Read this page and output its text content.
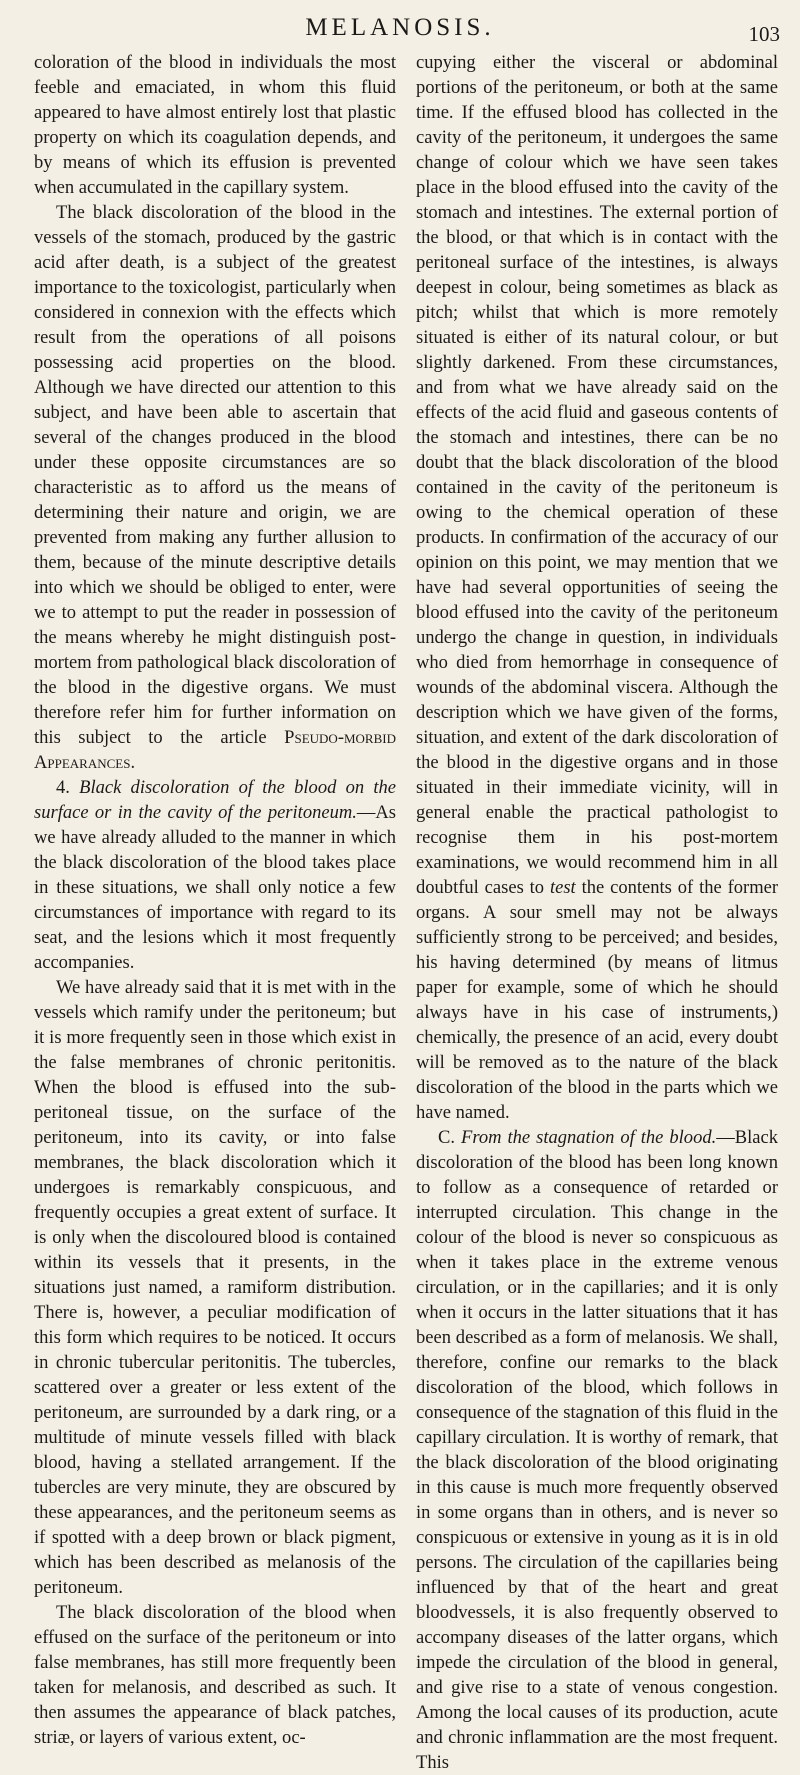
MELANOSIS.	103

coloration of the blood in individuals the most feeble and emaciated, in whom this fluid appeared to have almost entirely lost that plastic property on which its coagulation depends, and by means of which its effusion is prevented when accumulated in the capillary system.

The black discoloration of the blood in the vessels of the stomach, produced by the gastric acid after death, is a subject of the greatest importance to the toxicologist, particularly when considered in connexion with the effects which result from the operations of all poisons possessing acid properties on the blood. Although we have directed our attention to this subject, and have been able to ascertain that several of the changes produced in the blood under these opposite circumstances are so characteristic as to afford us the means of determining their nature and origin, we are prevented from making any further allusion to them, because of the minute descriptive details into which we should be obliged to enter, were we to attempt to put the reader in possession of the means whereby he might distinguish post-mortem from pathological black discoloration of the blood in the digestive organs. We must therefore refer him for further information on this subject to the article Pseudo-morbid Appearances.

4. Black discoloration of the blood on the surface or in the cavity of the peritoneum.—As we have already alluded to the manner in which the black discoloration of the blood takes place in these situations, we shall only notice a few circumstances of importance with regard to its seat, and the lesions which it most frequently accompanies.

We have already said that it is met with in the vessels which ramify under the peritoneum; but it is more frequently seen in those which exist in the false membranes of chronic peritonitis. When the blood is effused into the sub-peritoneal tissue, on the surface of the peritoneum, into its cavity, or into false membranes, the black discoloration which it undergoes is remarkably conspicuous, and frequently occupies a great extent of surface. It is only when the discoloured blood is contained within its vessels that it presents, in the situations just named, a ramiform distribution. There is, however, a peculiar modification of this form which requires to be noticed. It occurs in chronic tubercular peritonitis. The tubercles, scattered over a greater or less extent of the peritoneum, are surrounded by a dark ring, or a multitude of minute vessels filled with black blood, having a stellated arrangement. If the tubercles are very minute, they are obscured by these appearances, and the peritoneum seems as if spotted with a deep brown or black pigment, which has been described as melanosis of the peritoneum.

The black discoloration of the blood when effused on the surface of the peritoneum or into false membranes, has still more frequently been taken for melanosis, and described as such. It then assumes the appearance of black patches, striæ, or layers of various extent, oc-

cupying either the visceral or abdominal portions of the peritoneum, or both at the same time. If the effused blood has collected in the cavity of the peritoneum, it undergoes the same change of colour which we have seen takes place in the blood effused into the cavity of the stomach and intestines. The external portion of the blood, or that which is in contact with the peritoneal surface of the intestines, is always deepest in colour, being sometimes as black as pitch; whilst that which is more remotely situated is either of its natural colour, or but slightly darkened. From these circumstances, and from what we have already said on the effects of the acid fluid and gaseous contents of the stomach and intestines, there can be no doubt that the black discoloration of the blood contained in the cavity of the peritoneum is owing to the chemical operation of these products. In confirmation of the accuracy of our opinion on this point, we may mention that we have had several opportunities of seeing the blood effused into the cavity of the peritoneum undergo the change in question, in individuals who died from hemorrhage in consequence of wounds of the abdominal viscera. Although the description which we have given of the forms, situation, and extent of the dark discoloration of the blood in the digestive organs and in those situated in their immediate vicinity, will in general enable the practical pathologist to recognise them in his post-mortem examinations, we would recommend him in all doubtful cases to test the contents of the former organs. A sour smell may not be always sufficiently strong to be perceived; and besides, his having determined (by means of litmus paper for example, some of which he should always have in his case of instruments,) chemically, the presence of an acid, every doubt will be removed as to the nature of the black discoloration of the blood in the parts which we have named.

C. From the stagnation of the blood.—Black discoloration of the blood has been long known to follow as a consequence of retarded or interrupted circulation. This change in the colour of the blood is never so conspicuous as when it takes place in the extreme venous circulation, or in the capillaries; and it is only when it occurs in the latter situations that it has been described as a form of melanosis. We shall, therefore, confine our remarks to the black discoloration of the blood, which follows in consequence of the stagnation of this fluid in the capillary circulation. It is worthy of remark, that the black discoloration of the blood originating in this cause is much more frequently observed in some organs than in others, and is never so conspicuous or extensive in young as it is in old persons. The circulation of the capillaries being influenced by that of the heart and great bloodvessels, it is also frequently observed to accompany diseases of the latter organs, which impede the circulation of the blood in general, and give rise to a state of venous congestion. Among the local causes of its production, acute and chronic inflammation are the most frequent. This
